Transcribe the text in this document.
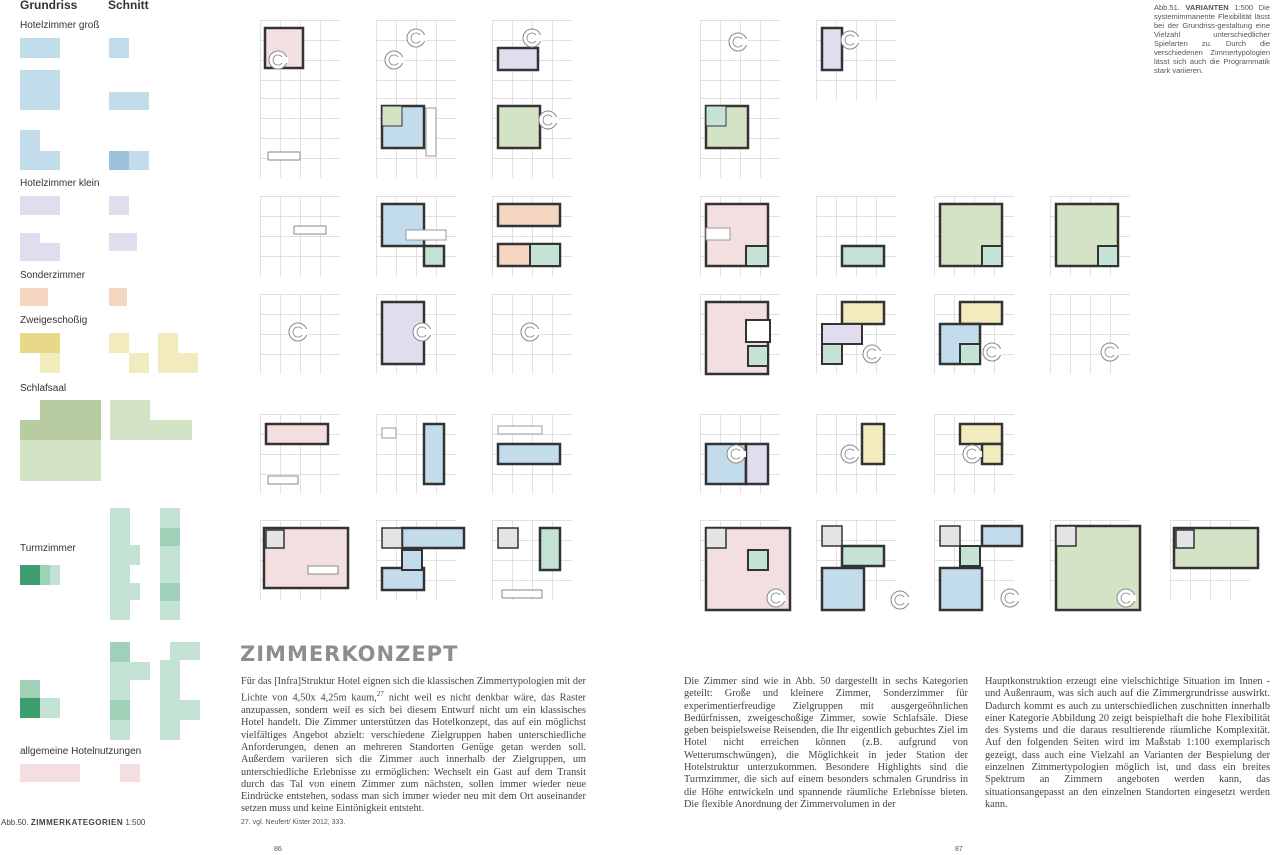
Grundriss	Schnitt
Hotelzimmer groß
Hotelzimmer klein
Sonderzimmer
Zweigeschoßig
Schlafsaal
Turmzimmer
allgemeine Hotelnutzungen
Abb.50. ZIMMERKATEGORIEN 1:500
Abb.51. VARIANTEN 1:500 Die systemimmanente Flexibilität lässt bei der Grundriss-gestaltung eine Vielzahl unterschiedlicher Spielarten zu. Durch die verschiedenen Zimmertypologien lässt sich auch die Programmatik stark variieren.
ZIMMERKONZEPT
Für das [Infra]Struktur Hotel eignen sich die klassischen Zimmertypologien mit der Lichte von 4,50x 4,25m kaum,$^{27}$ nicht weil es nicht denkbar wäre, das Raster anzupassen, sondern weil es sich bei diesem Entwurf nicht um ein klassisches Hotel handelt. Die Zimmer unterstützen das Hotelkonzept, das auf ein möglichst vielfältiges Angebot abzielt: verschiedene Zielgruppen haben unterschiedliche Anforderungen, denen an mehreren Standorten Genüge getan werden soll. Außerdem variieren sich die Zimmer auch innerhalb der Zielgruppen, um unterschiedliche Erlebnisse zu ermöglichen: Wechselt ein Gast auf dem Transit durch das Tal von einem Zimmer zum nächsten, sollen immer wieder neue Eindrücke entstehen, sodass man sich immer wieder neu mit dem Ort auseinander setzen muss und keine Eintönigkeit entsteht.
27. vgl. Neufert/ Kister 2012, 333.
Die Zimmer sind wie in Abb. 50 dargestellt in sechs Kategorien geteilt: Große und kleinere Zimmer, Sonderzimmer für experimentierfreudige Zielgruppen mit ausgergeöhnlichen Bedürfnissen, zweigeschoßige Zimmer, sowie Schlafsäle. Diese geben beispielsweise Reisenden, die Ihr eigentlich gebuchtes Ziel im Hotel nicht erreichen können (z.B. aufgrund von Wetterumschwüngen), die Möglichkeit in jeder Station der Hotelstruktur unterzukommen. Besondere Highlights sind die Turmzimmer, die sich auf einem besonders schmalen Grundriss in die Höhe entwickeln und spannende räumliche Erlebnisse bieten. Die flexible Anordnung der Zimmervolumen in der
Hauptkonstruktion erzeugt eine vielschichtige Situation im Innen -und Außenraum, was sich auch auf die Zimmergrundrisse auswirkt. Dadurch kommt es auch zu unterschiedlichen zuschnitten innerhalb einer Kategorie Abbildung 20 zeigt beispielhaft die hohe Flexibilität des Systems und die daraus resultierende räumliche Komplexität. Auf den folgenden Seiten wird im Maßstab 1:100 exemplarisch gezeigt, dass auch eine Vielzahl an Varianten der Bespielung der einzelnen Zimmertypologien möglich ist, und dass ein breites Spektrum an Zimmern angeboten werden kann, das situationsangepasst an den einzelnen Standorten eingesetzt werden kann.
86	87
